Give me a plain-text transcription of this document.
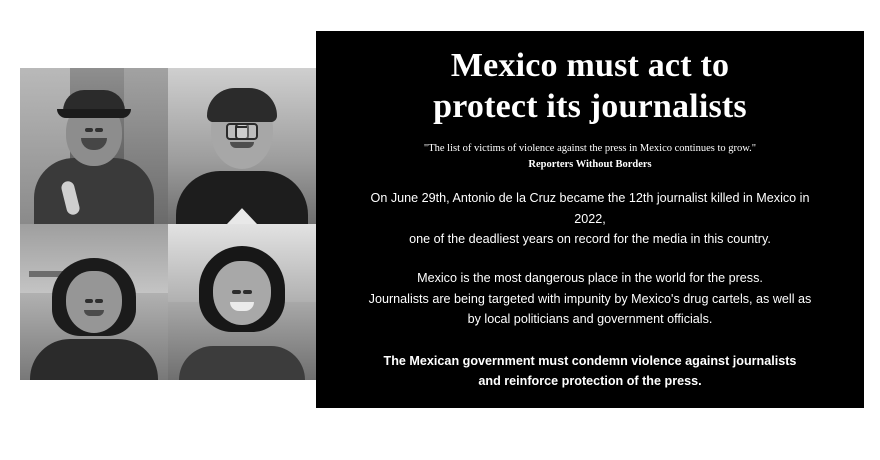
Mexico must act to
protect its journalists
"The list of victims of violence against the press in Mexico continues to grow."
Reporters Without Borders
On June 29th, Antonio de la Cruz became the 12th journalist killed in Mexico in 2022,
one of the deadliest years on record for the media in this country.
Mexico is the most dangerous place in the world for the press.
Journalists are being targeted with impunity by Mexico's drug cartels, as well as
by local politicians and government officials.
The Mexican government must condemn violence against journalists
and reinforce protection of the press.
Mexico is ranked #127/180 in the world for press freedom. See the full ranking at RSF.org.
